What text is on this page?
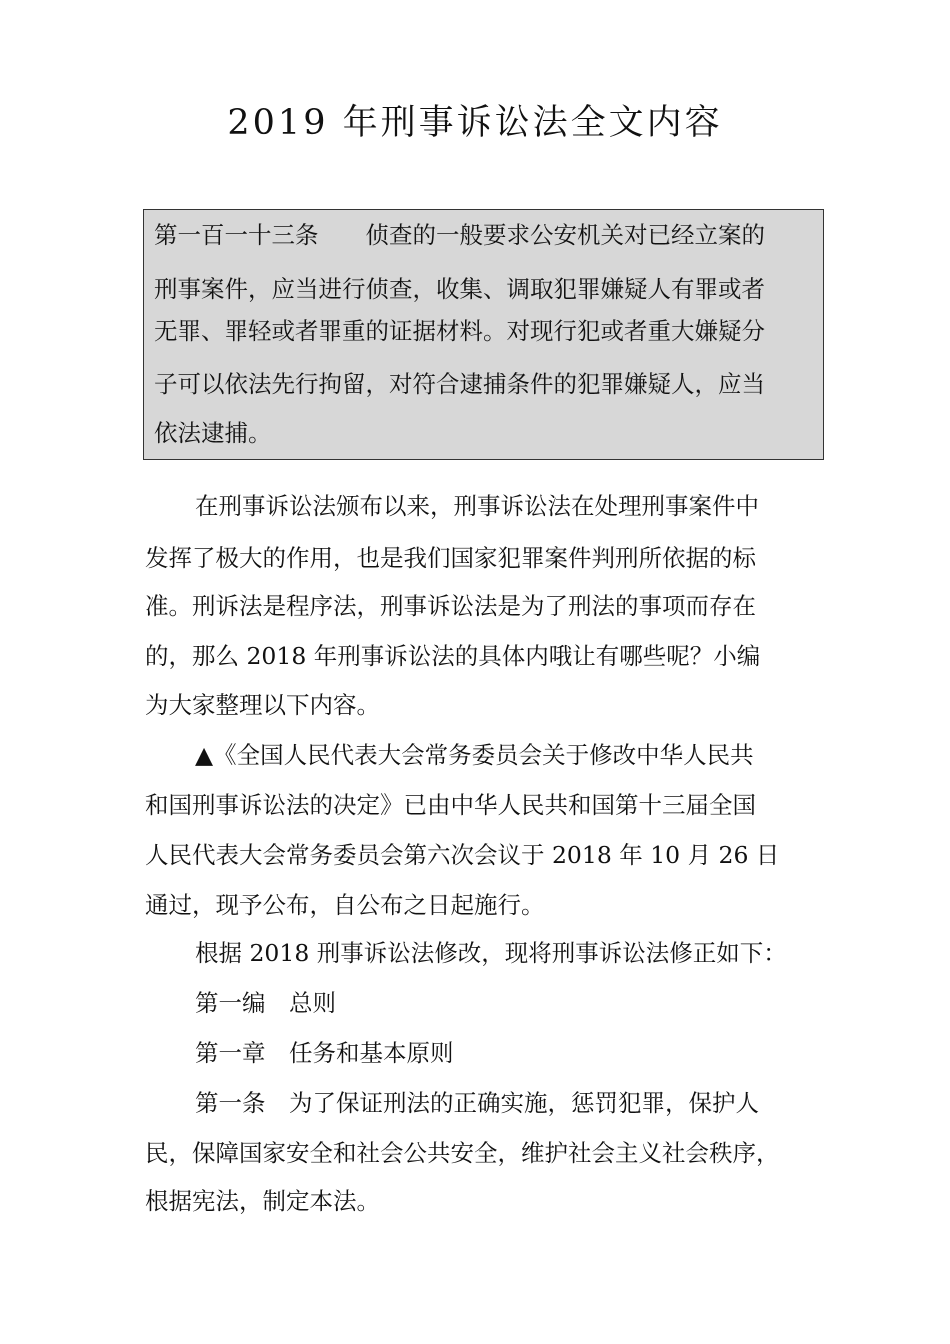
2019 年刑事诉讼法全文内容
第一百一十三条　　侦查的一般要求公安机关对已经立案的
刑事案件，应当进行侦查，收集、调取犯罪嫌疑人有罪或者
无罪、罪轻或者罪重的证据材料。对现行犯或者重大嫌疑分
子可以依法先行拘留，对符合逮捕条件的犯罪嫌疑人，应当
依法逮捕。
在刑事诉讼法颁布以来，刑事诉讼法在处理刑事案件中
发挥了极大的作用，也是我们国家犯罪案件判刑所依据的标
准。刑诉法是程序法，刑事诉讼法是为了刑法的事项而存在
的，那么 2018 年刑事诉讼法的具体内哦让有哪些呢？小编
为大家整理以下内容。
▲《全国人民代表大会常务委员会关于修改中华人民共
和国刑事诉讼法的决定》已由中华人民共和国第十三届全国
人民代表大会常务委员会第六次会议于 2018 年 10 月 26 日
通过，现予公布，自公布之日起施行。
根据 2018 刑事诉讼法修改，现将刑事诉讼法修正如下：
第一编　总则
第一章　任务和基本原则
第一条　为了保证刑法的正确实施，惩罚犯罪，保护人
民，保障国家安全和社会公共安全，维护社会主义社会秩序，
根据宪法，制定本法。
